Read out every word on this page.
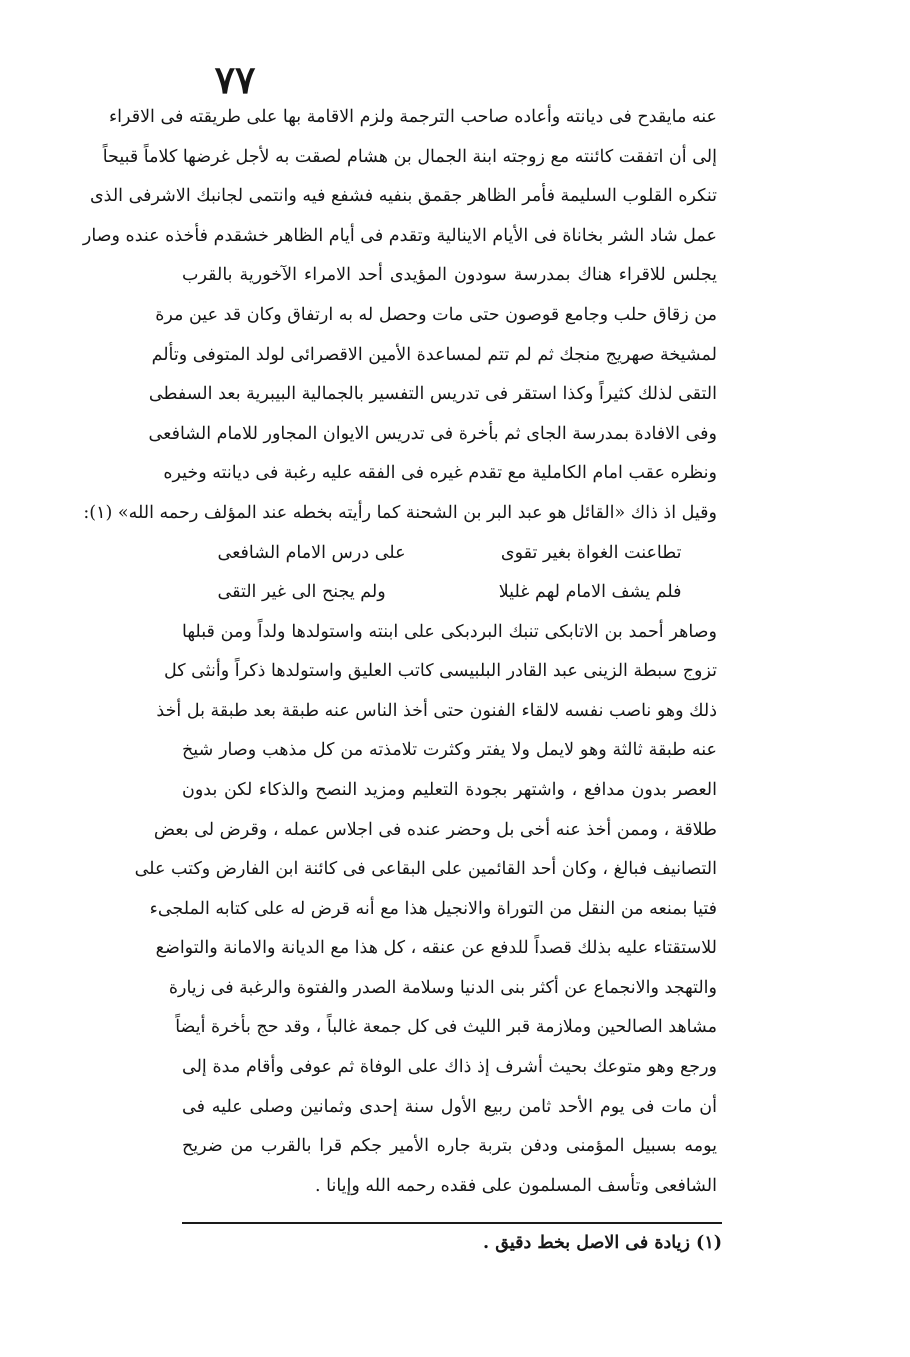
٧٧
عنه مايقدح فى ديانته وأعاده صاحب الترجمة ولزم الاقامة بها على طريقته فى الاقراء
إلى أن اتفقت كائنته مع زوجته ابنة الجمال بن هشام لصقت به لأجل غرضها كلاماً قبيحاً
تنكره القلوب السليمة فأمر الظاهر جقمق بنفيه فشفع فيه وانتمى لجانبك الاشرفى الذى
عمل شاد الشر بخاناة فى الأيام الاينالية وتقدم فى أيام الظاهر خشقدم فأخذه عنده وصار
يجلس للاقراء هناك بمدرسة سودون المؤيدى أحد الامراء الآخورية بالقرب
من زقاق حلب وجامع قوصون حتى مات وحصل له به ارتفاق وكان قد عين مرة
لمشيخة صهريج منجك ثم لم تتم لمساعدة الأمين الاقصرائى لولد المتوفى وتألم
التقى لذلك كثيراً وكذا استقر فى تدريس التفسير بالجمالية البيبرية بعد السفطى
وفى الافادة بمدرسة الجاى ثم بأخرة فى تدريس الايوان المجاور للامام الشافعى
ونظره عقب امام الكاملية مع تقدم غيره فى الفقه عليه رغبة فى ديانته وخيره
وقيل اذ ذاك «القائل هو عبد البر بن الشحنة كما رأيته بخطه عند المؤلف رحمه الله» (١):
تطاعنت الغواة بغير تقوى
على درس الامام الشافعى
فلم يشف الامام لهم غليلا
ولم يجنح الى غير التقى
وصاهر أحمد بن الاتابكى تنبك البردبكى على ابنته واستولدها ولداً ومن قبلها
تزوج سبطة الزينى عبد القادر البلبيسى كاتب العليق واستولدها ذكراً وأنثى كل
ذلك وهو ناصب نفسه لالقاء الفنون حتى أخذ الناس عنه طبقة بعد طبقة بل أخذ
عنه طبقة ثالثة وهو لايمل ولا يفتر وكثرت تلامذته من كل مذهب وصار شيخ
العصر بدون مدافع ، واشتهر بجودة التعليم ومزيد النصح والذكاء لكن بدون
طلاقة ، وممن أخذ عنه أخى بل وحضر عنده فى اجلاس عمله ، وقرض لى بعض
التصانيف فبالغ ، وكان أحد القائمين على البقاعى فى كائنة ابن الفارض وكتب على
فتيا بمنعه من النقل من التوراة والانجيل هذا مع أنه قرض له على كتابه الملجىء
للاستقتاء عليه بذلك قصداً للدفع عن عنقه ، كل هذا مع الديانة والامانة والتواضع
والتهجد والانجماع عن أكثر بنى الدنيا وسلامة الصدر والفتوة والرغبة فى زيارة
مشاهد الصالحين وملازمة قبر الليث فى كل جمعة غالباً ، وقد حج بأخرة أيضاً
ورجع وهو متوعك بحيث أشرف إذ ذاك على الوفاة ثم عوفى وأقام مدة إلى
أن مات فى يوم الأحد ثامن ربيع الأول سنة إحدى وثمانين وصلى عليه فى
يومه بسبيل المؤمنى ودفن بتربة جاره الأمير جكم قرا بالقرب من ضريح
الشافعى وتأسف المسلمون على فقده رحمه الله وإيانا .
(١) زيادة فى الاصل بخط دقيق .
